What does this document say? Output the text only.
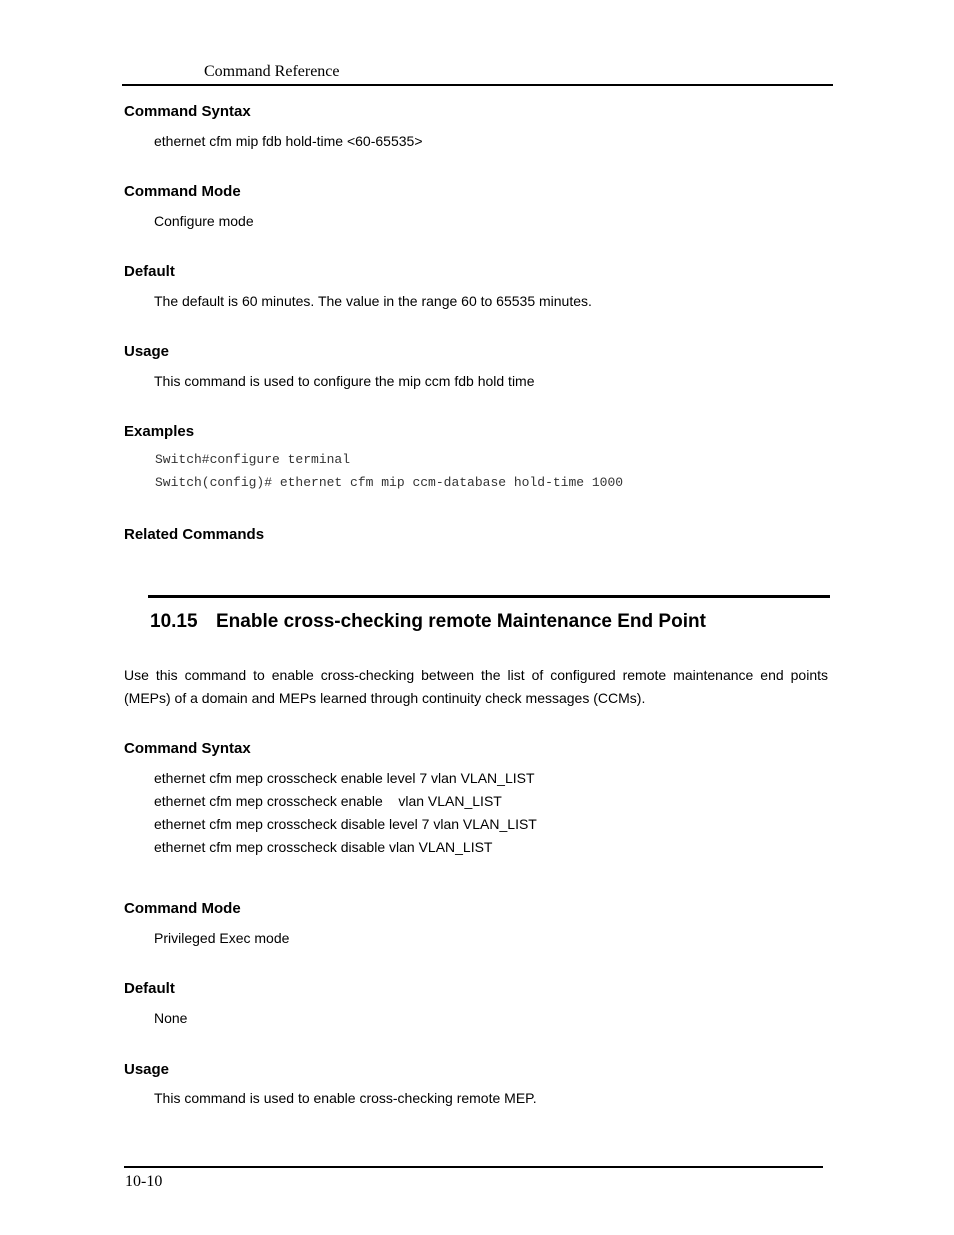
Command Reference
Command Syntax
ethernet cfm mip fdb hold-time <60-65535>
Command Mode
Configure mode
Default
The default is 60 minutes. The value in the range 60 to 65535 minutes.
Usage
This command is used to configure the mip ccm fdb hold time
Examples
Switch#configure terminal
Switch(config)# ethernet cfm mip ccm-database hold-time 1000
Related Commands
10.15 Enable cross-checking remote Maintenance End Point

Use this command to enable cross-checking between the list of configured remote maintenance end points (MEPs) of a domain and MEPs learned through continuity check messages (CCMs).

Command Syntax
ethernet cfm mep crosscheck enable level 7 vlan VLAN_LIST
ethernet cfm mep crosscheck enable    vlan VLAN_LIST
ethernet cfm mep crosscheck disable level 7 vlan VLAN_LIST
ethernet cfm mep crosscheck disable vlan VLAN_LIST
Command Mode
Privileged Exec mode
Default
None
Usage
This command is used to enable cross-checking remote MEP.
10-10
